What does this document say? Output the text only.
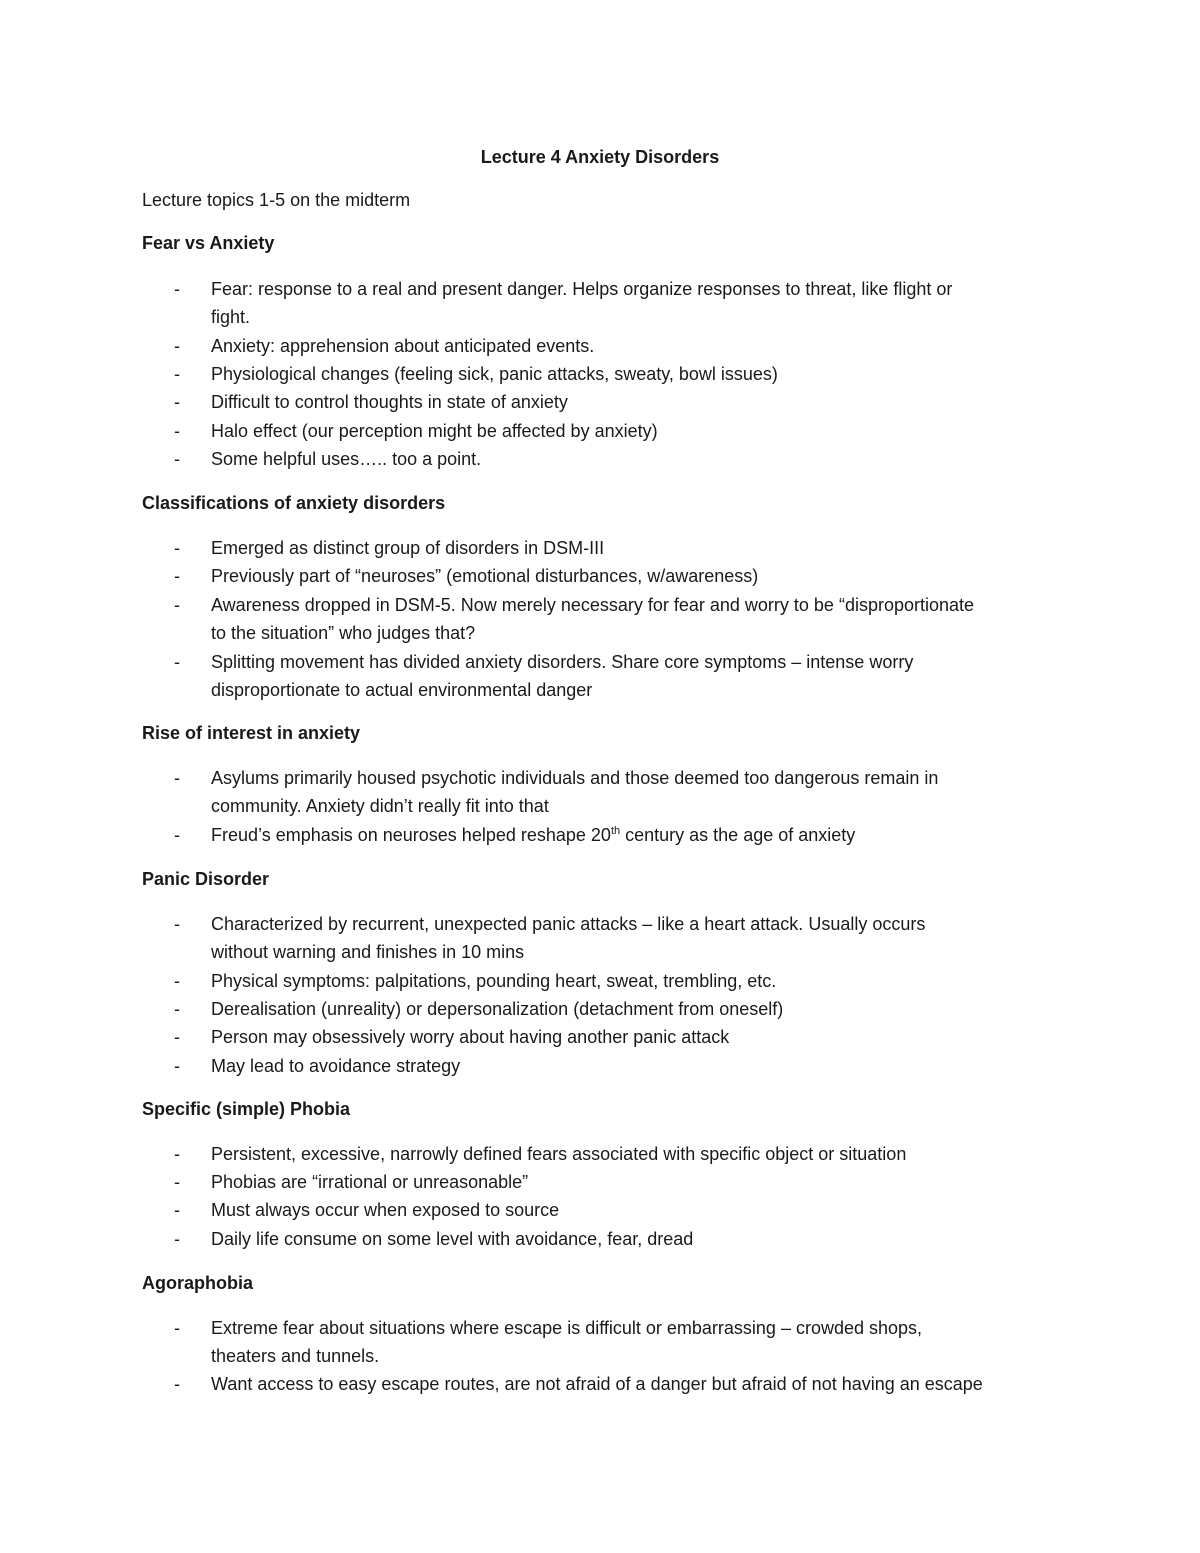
Lecture 4 Anxiety Disorders
Lecture topics 1-5 on the midterm
Fear vs Anxiety
- Fear: response to a real and present danger. Helps organize responses to threat, like flight or
fight.
- Anxiety: apprehension about anticipated events.
- Physiological changes (feeling sick, panic attacks, sweaty, bowl issues)
- Difficult to control thoughts in state of anxiety
- Halo effect (our perception might be affected by anxiety)
- Some helpful uses….. too a point.
Classifications of anxiety disorders
- Emerged as distinct group of disorders in DSM-III
- Previously part of “neuroses” (emotional disturbances, w/awareness)
- Awareness dropped in DSM-5. Now merely necessary for fear and worry to be “disproportionate
to the situation” who judges that?
- Splitting movement has divided anxiety disorders. Share core symptoms – intense worry
disproportionate to actual environmental danger
Rise of interest in anxiety
- Asylums primarily housed psychotic individuals and those deemed too dangerous remain in
community. Anxiety didn’t really fit into that
- Freud’s emphasis on neuroses helped reshape 20th century as the age of anxiety
Panic Disorder
- Characterized by recurrent, unexpected panic attacks – like a heart attack. Usually occurs
without warning and finishes in 10 mins
- Physical symptoms: palpitations, pounding heart, sweat, trembling, etc.
- Derealisation (unreality) or depersonalization (detachment from oneself)
- Person may obsessively worry about having another panic attack
- May lead to avoidance strategy
Specific (simple) Phobia
- Persistent, excessive, narrowly defined fears associated with specific object or situation
- Phobias are “irrational or unreasonable”
- Must always occur when exposed to source
- Daily life consume on some level with avoidance, fear, dread
Agoraphobia
- Extreme fear about situations where escape is difficult or embarrassing – crowded shops,
theaters and tunnels.
- Want access to easy escape routes, are not afraid of a danger but afraid of not having an escape
